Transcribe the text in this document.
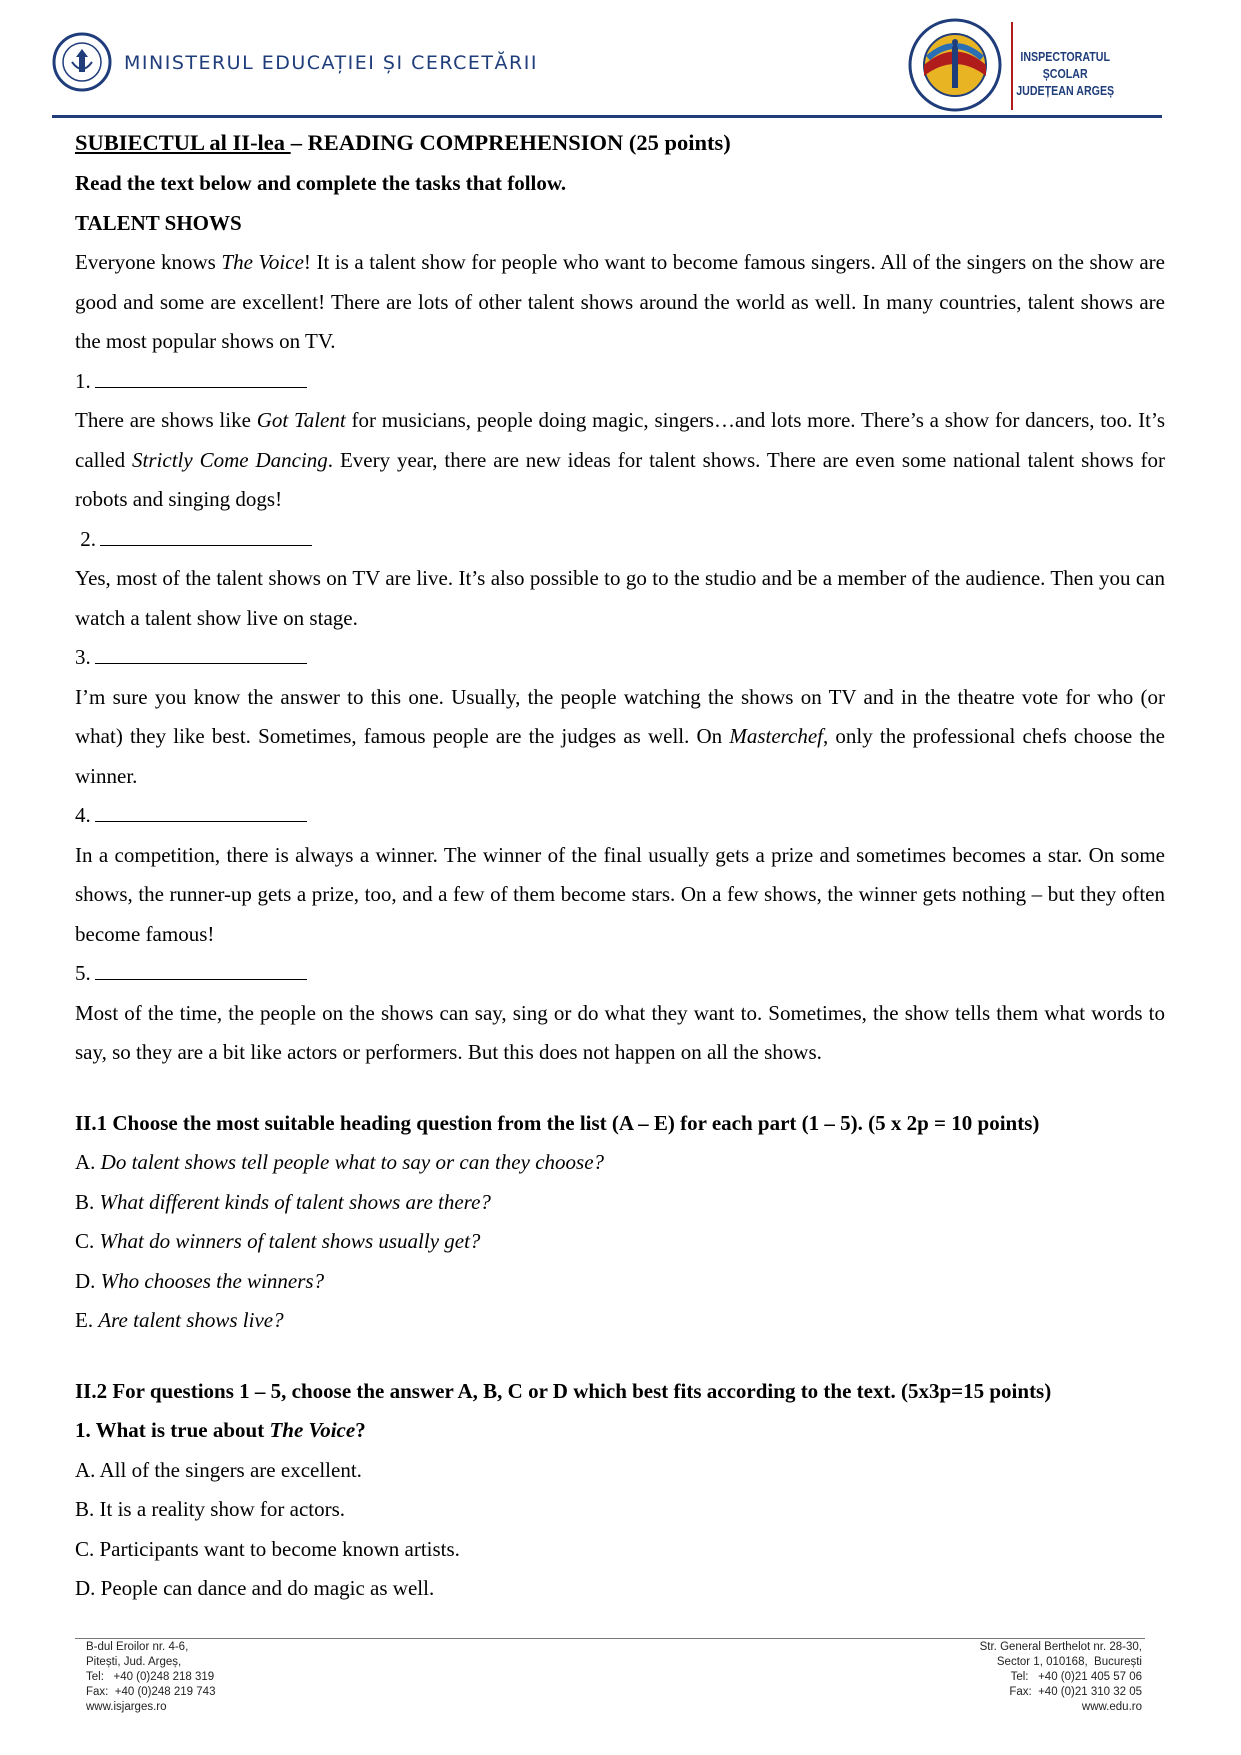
MINISTERUL EDUCAȚIEI ȘI CERCETĂRII	INSPECTORATUL ȘCOLAR
JUDEȚEAN ARGEȘ

SUBIECTUL al II-lea – READING COMPREHENSION (25 points)

Read the text below and complete the tasks that follow.

TALENT SHOWS

Everyone knows The Voice! It is a talent show for people who want to become famous singers. All of the singers on the show are good and some are excellent! There are lots of other talent shows around the world as well. In many countries, talent shows are the most popular shows on TV.

1.

There are shows like Got Talent for musicians, people doing magic, singers…and lots more. There’s a show for dancers, too. It’s called Strictly Come Dancing. Every year, there are new ideas for talent shows. There are even some national talent shows for robots and singing dogs!

2.

Yes, most of the talent shows on TV are live. It’s also possible to go to the studio and be a member of the audience. Then you can watch a talent show live on stage.

3.

I’m sure you know the answer to this one. Usually, the people watching the shows on TV and in the theatre vote for who (or what) they like best. Sometimes, famous people are the judges as well. On Masterchef, only the professional chefs choose the winner.

4.

In a competition, there is always a winner. The winner of the final usually gets a prize and sometimes becomes a star. On some shows, the runner-up gets a prize, too, and a few of them become stars. On a few shows, the winner gets nothing – but they often become famous!

5.

Most of the time, the people on the shows can say, sing or do what they want to. Sometimes, the show tells them what words to say, so they are a bit like actors or performers. But this does not happen on all the shows.

II.1 Choose the most suitable heading question from the list (A – E) for each part (1 – 5). (5 x 2p = 10 points)

A. Do talent shows tell people what to say or can they choose?

B. What different kinds of talent shows are there?

C. What do winners of talent shows usually get?

D. Who chooses the winners?

E. Are talent shows live?

II.2 For questions 1 – 5, choose the answer A, B, C or D which best fits according to the text. (5x3p=15 points)

1. What is true about The Voice?

A. All of the singers are excellent.

B. It is a reality show for actors.

C. Participants want to become known artists.

D. People can dance and do magic as well.

B-dul Eroilor nr. 4-6,
Pitești, Jud. Argeș,
Tel:   +40 (0)248 218 319
Fax:  +40 (0)248 219 743
www.isjarges.ro
Str. General Berthelot nr. 28-30,
Sector 1, 010168,  București
Tel:   +40 (0)21 405 57 06
Fax:  +40 (0)21 310 32 05
www.edu.ro
